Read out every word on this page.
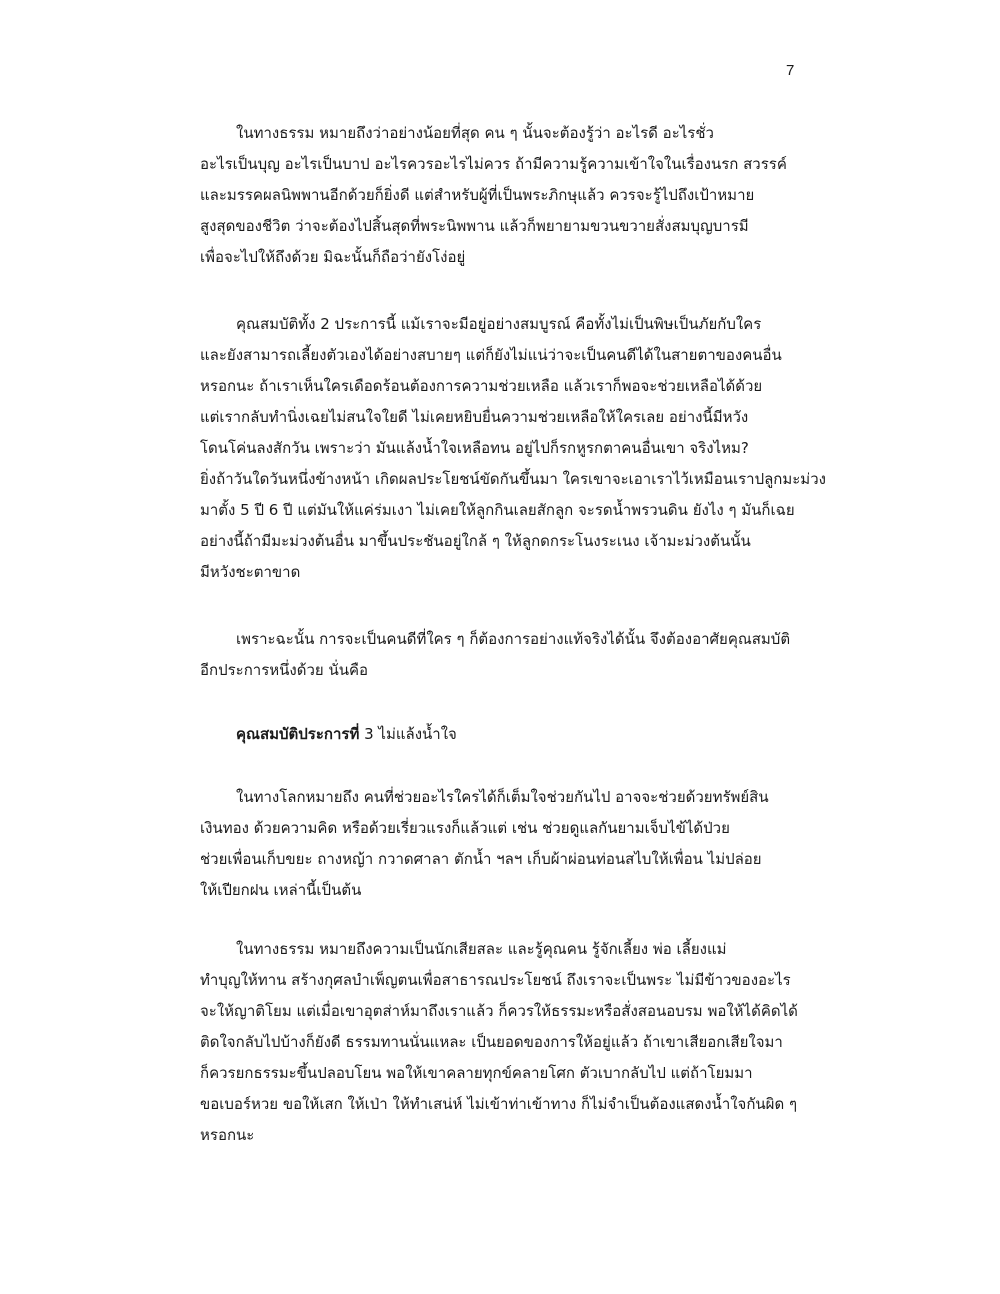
7
ในทางธรรม หมายถึงว่าอย่างน้อยที่สุด คน ๆ นั้นจะต้องรู้ว่า อะไรดี อะไรชั่ว
อะไรเป็นบุญ อะไรเป็นบาป อะไรควรอะไรไม่ควร ถ้ามีความรู้ความเข้าใจในเรื่องนรก สวรรค์
และมรรคผลนิพพานอีกด้วยก็ยิ่งดี แต่สำหรับผู้ที่เป็นพระภิกษุแล้ว ควรจะรู้ไปถึงเป้าหมาย
สูงสุดของชีวิต ว่าจะต้องไปสิ้นสุดที่พระนิพพาน แล้วก็พยายามขวนขวายสั่งสมบุญบารมี
เพื่อจะไปให้ถึงด้วย มิฉะนั้นก็ถือว่ายังโง่อยู่
คุณสมบัติทั้ง 2 ประการนี้ แม้เราจะมีอยู่อย่างสมบูรณ์ คือทั้งไม่เป็นพิษเป็นภัยกับใคร
และยังสามารถเลี้ยงตัวเองได้อย่างสบายๆ แต่ก็ยังไม่แน่ว่าจะเป็นคนดีได้ในสายตาของคนอื่น
หรอกนะ ถ้าเราเห็นใครเดือดร้อนต้องการความช่วยเหลือ แล้วเราก็พอจะช่วยเหลือได้ด้วย
แต่เรากลับทำนิ่งเฉยไม่สนใจใยดี ไม่เคยหยิบยื่นความช่วยเหลือให้ใครเลย อย่างนี้มีหวัง
โดนโค่นลงสักวัน เพราะว่า มันแล้งน้ำใจเหลือทน อยู่ไปก็รกหูรกตาคนอื่นเขา จริงไหม?
ยิ่งถ้าวันใดวันหนึ่งข้างหน้า เกิดผลประโยชน์ขัดกันขึ้นมา ใครเขาจะเอาเราไว้เหมือนเราปลูกมะม่วง
มาตั้ง 5 ปี 6 ปี แต่มันให้แค่ร่มเงา ไม่เคยให้ลูกกินเลยสักลูก จะรดน้ำพรวนดิน ยังไง ๆ มันก็เฉย
อย่างนี้ถ้ามีมะม่วงต้นอื่น มาขึ้นประชันอยู่ใกล้ ๆ ให้ลูกดกระโนงระเนง เจ้ามะม่วงต้นนั้น
มีหวังชะตาขาด
เพราะฉะนั้น การจะเป็นคนดีที่ใคร ๆ ก็ต้องการอย่างแท้จริงได้นั้น จึงต้องอาศัยคุณสมบัติ
อีกประการหนึ่งด้วย นั่นคือ
คุณสมบัติประการที่ 3 ไม่แล้งน้ำใจ
ในทางโลกหมายถึง คนที่ช่วยอะไรใครได้ก็เต็มใจช่วยกันไป อาจจะช่วยด้วยทรัพย์สิน
เงินทอง ด้วยความคิด หรือด้วยเรี่ยวแรงก็แล้วแต่ เช่น ช่วยดูแลกันยามเจ็บไข้ได้ป่วย
ช่วยเพื่อนเก็บขยะ ถางหญ้า กวาดศาลา ตักน้ำ ฯลฯ เก็บผ้าผ่อนท่อนสไบให้เพื่อน ไม่ปล่อย
ให้เปียกฝน เหล่านี้เป็นต้น
ในทางธรรม หมายถึงความเป็นนักเสียสละ และรู้คุณคน รู้จักเลี้ยง พ่อ เลี้ยงแม่
ทำบุญให้ทาน สร้างกุศลบำเพ็ญตนเพื่อสาธารณประโยชน์ ถึงเราจะเป็นพระ ไม่มีข้าวของอะไร
จะให้ญาติโยม แต่เมื่อเขาอุตส่าห์มาถึงเราแล้ว ก็ควรให้ธรรมะหรือสั่งสอนอบรม พอให้ได้คิดได้
ติดใจกลับไปบ้างก็ยังดี ธรรมทานนั่นแหละ เป็นยอดของการให้อยู่แล้ว ถ้าเขาเสียอกเสียใจมา
ก็ควรยกธรรมะขึ้นปลอบโยน พอให้เขาคลายทุกข์คลายโศก ตัวเบากลับไป แต่ถ้าโยมมา
ขอเบอร์หวย ขอให้เสก ให้เป่า ให้ทำเสน่ห์ ไม่เข้าท่าเข้าทาง ก็ไม่จำเป็นต้องแสดงน้ำใจกันผิด ๆ
หรอกนะ
